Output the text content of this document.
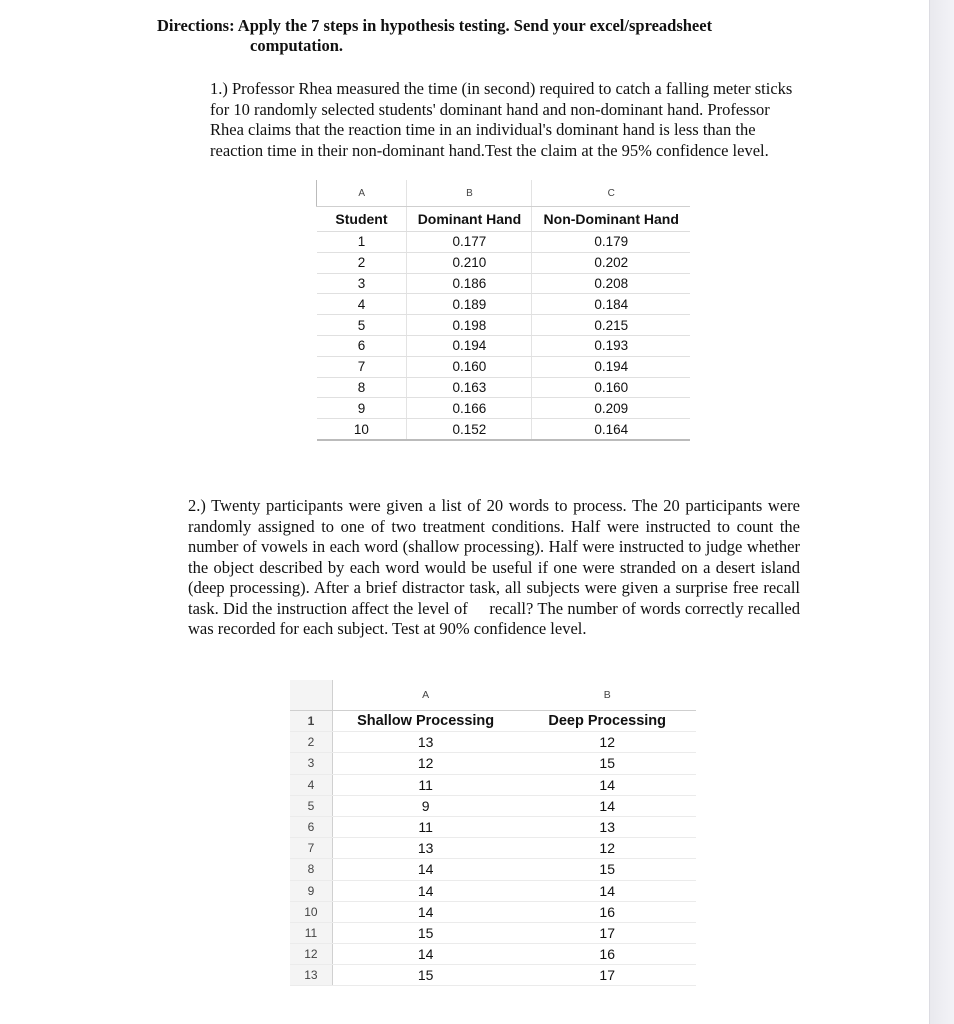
Directions: Apply the 7 steps in hypothesis testing. Send your excel/spreadsheet
computation.
1.) Professor Rhea measured the time (in second) required to catch a falling meter sticks for 10 randomly selected students' dominant hand and non-dominant hand. Professor Rhea claims that the reaction time in an individual's dominant hand is less than the reaction time in their non-dominant hand.Test the claim at the 95% confidence level.
A	B	C
Student	Dominant Hand	Non-Dominant Hand
1	0.177	0.179
2	0.210	0.202
3	0.186	0.208
4	0.189	0.184
5	0.198	0.215
6	0.194	0.193
7	0.160	0.194
8	0.163	0.160
9	0.166	0.209
10	0.152	0.164
2.) Twenty participants were given a list of 20 words to process. The 20 participants were randomly assigned to one of two treatment conditions. Half were instructed to count the number of vowels in each word (shallow processing). Half were instructed to judge whether the object described by each word would be useful if one were stranded on a desert island (deep processing). After a brief distractor task, all subjects were given a surprise free recall task. Did the instruction affect the level of     recall? The number of words correctly recalled was recorded for each subject. Test at 90% confidence level.
	A	B
1	Shallow Processing	Deep Processing
2	13	12
3	12	15
4	11	14
5	9	14
6	11	13
7	13	12
8	14	15
9	14	14
10	14	16
11	15	17
12	14	16
13	15	17
